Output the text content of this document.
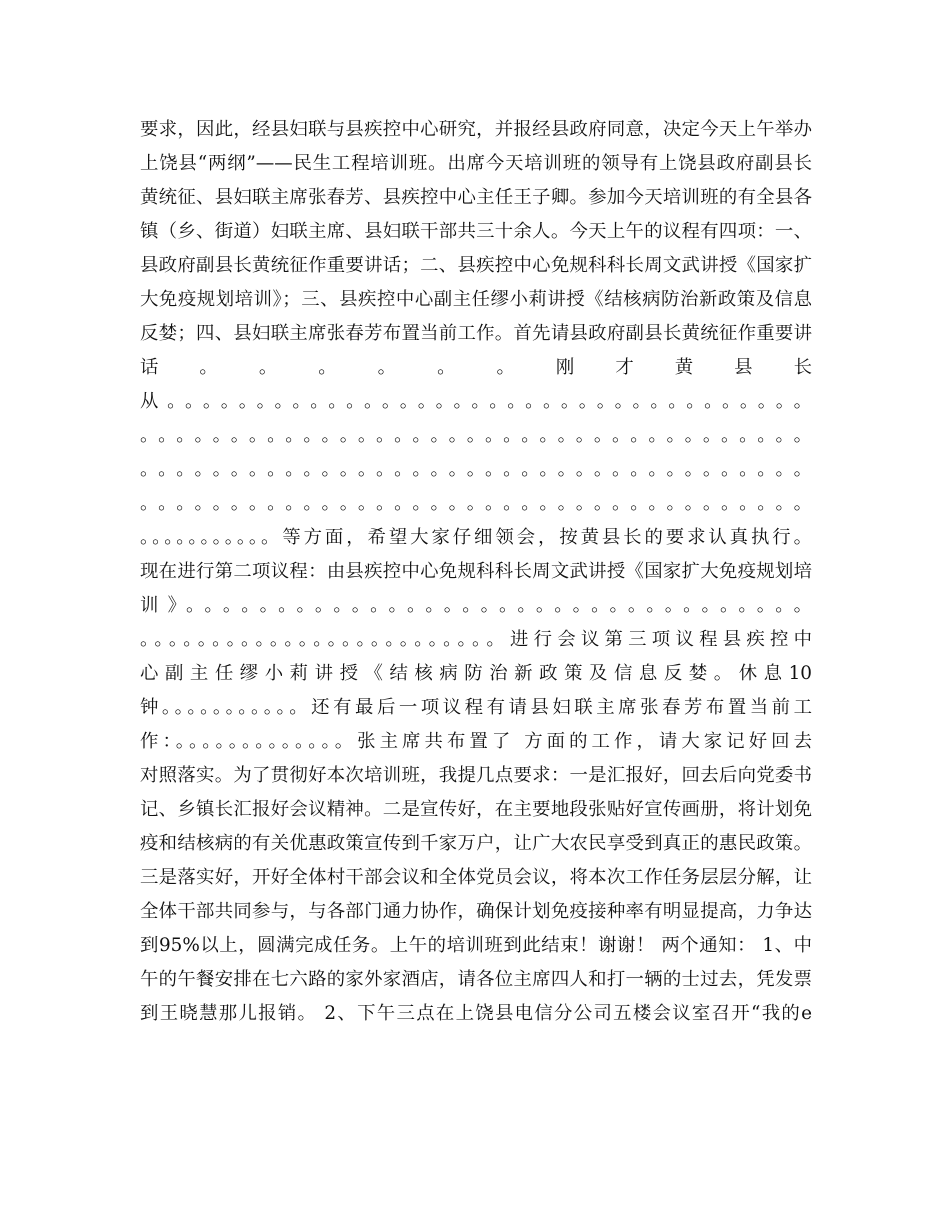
要求，因此，经县妇联与县疾控中心研究，并报经县政府同意，决定今天上午举办
上饶县“两纲”——民生工程培训班。出席今天培训班的领导有上饶县政府副县长
黄统征、县妇联主席张春芳、县疾控中心主任王子卿。参加今天培训班的有全县各
镇（乡、街道）妇联主席、县妇联干部共三十余人。今天上午的议程有四项：一、
县政府副县长黄统征作重要讲话；二、县疾控中心免规科科长周文武讲授《国家扩
大免疫规划培训》；三、县疾控中心副主任缪小莉讲授《结核病防治新政策及信息
反婪；四、县妇联主席张春芳布置当前工作。首先请县政府副县长黄统征作重要讲
话 。 。 。 。 。 。 刚 才 黄 县 长
从。。。。。。。。。。。。。。。。。。。。。。。。。。。。。。。。。。。。
。。。。。。。。。。。。。。。。。。。。。。。。。。。。。。。。。。。。。
。。。。。。。。。。。。。。。。。。。。。。。。。。。。。。。。。。。。。
。。。。。。。。。。。。。。。。。。。。。。。。。。。。。。。。。。。。。
。。。。。。。。。。。等方面，希望大家仔细领会，按黄县长的要求认真执行。
现在进行第二项议程：由县疾控中心免规科科长周文武讲授《国家扩大免疫规划培
训》。。。。。。。。。。。。。。。。。。。。。。。。。。。。。。。。。。
。。。。。。。。。。。。。。。。。。。。。。。。。进行会议第三项议程县疾控中
心 副 主 任 缪 小 莉 讲 授 《 结 核 病 防 治 新 政 策 及 信 息 反 婪 。 休 息 10
钟。。。。。。。。。。。还有最后一项议程有请县妇联主席张春芳布置当前工
作：。。。。。。。。。。。。。张主席共布置了 方面的工作，请大家记好回去
对照落实。为了贯彻好本次培训班，我提几点要求：一是汇报好，回去后向党委书
记、乡镇长汇报好会议精神。二是宣传好，在主要地段张贴好宣传画册，将计划免
疫和结核病的有关优惠政策宣传到千家万户，让广大农民享受到真正的惠民政策。
三是落实好，开好全体村干部会议和全体党员会议，将本次工作任务层层分解，让
全体干部共同参与，与各部门通力协作，确保计划免疫接种率有明显提高，力争达
到95%以上，圆满完成任务。上午的培训班到此结束！谢谢！ 两个通知： 1、中
午的午餐安排在七六路的家外家酒店，请各位主席四人和打一辆的士过去，凭发票
到王晓慧那儿报销。 2、下午三点在上饶县电信分公司五楼会议室召开“我的e
